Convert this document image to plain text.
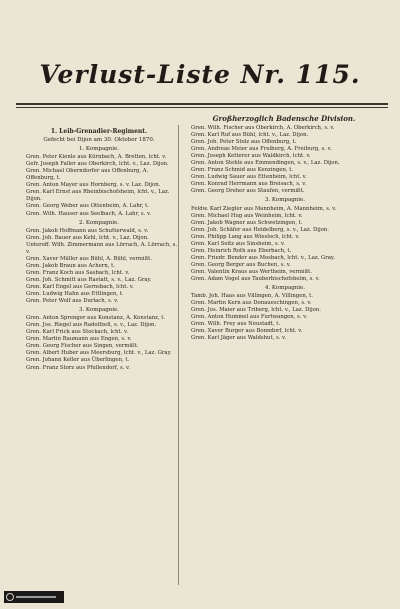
Verlust-Liste Nr. 115.
Großherzoglich Badensche Division.
1. Leib-Grenadier-Regiment.
Gefecht bei Dijon am 30. Oktober 1870.
1. Kompagnie.

Gren. Peter Kienle aus Kürnbach, A. Bretten, lcht. v.

Gefr. Joseph Faller aus Oberkirch, lcht. v., Laz. Dijon.

Gren. Michael Oberndorfer aus Offenburg, A. Offenburg, t.

Gren. Anton Mayer aus Hornberg, s. v. Laz. Dijon.

Gren. Karl Ernst aus Rheinbischofsheim, lcht. v., Laz. Dijon.

Gren. Georg Weber aus Ottenheim, A. Lahr, t.

Gren. Wilh. Hauser aus Seelbach, A. Lahr, s. v.

2. Kompagnie.

Gren. Jakob Hoffmann aus Schutterwald, s. v.

Gren. Joh. Bauer aus Kehl, lcht. v., Laz. Dijon.

Unteroff. Wilh. Zimmermann aus Lörrach, A. Lörrach, s. v.

Gren. Xaver Müller aus Bühl, A. Bühl, vermißt.

Gren. Jakob Braun aus Achern, t.

Gren. Franz Koch aus Sasbach, lcht. v.

Gren. Joh. Schmitt aus Rastatt, s. v., Laz. Gray.

Gren. Karl Engel aus Gernsbach, lcht. v.

Gren. Ludwig Hahn aus Ettlingen, t.

Gren. Peter Wolf aus Durlach, s. v.

3. Kompagnie.

Gren. Anton Sprenger aus Konstanz, A. Konstanz, t.

Gren. Jos. Riegel aus Radolfzell, s. v., Laz. Dijon.

Gren. Karl Frick aus Stockach, lcht. v.

Gren. Martin Baumann aus Engen, s. v.

Gren. Georg Fischer aus Singen, vermißt.

Gren. Albert Huber aus Meersburg, lcht. v., Laz. Gray.

Gren. Johann Keller aus Überlingen, t.

Gren. Franz Storz aus Pfullendorf, s. v.

Gren. Wilh. Fischer aus Oberkirch, A. Oberkirch, s. v.

Gren. Karl Ruf aus Bühl, lcht. v., Laz. Dijon.

Gren. Joh. Peter Stolz aus Offenburg, t.

Gren. Andreas Meier aus Freiburg, A. Freiburg, s. v.

Gren. Joseph Ketterer aus Waldkirch, lcht. v.

Gren. Anton Stehle aus Emmendingen, s. v., Laz. Dijon.

Gren. Franz Schmid aus Kenzingen, t.

Gren. Ludwig Sauer aus Ettenheim, lcht. v.

Gren. Konrad Herrmann aus Breisach, s. v.

Gren. Georg Dreher aus Staufen, vermißt.

3. Kompagnie.

Feldw. Karl Ziegler aus Mannheim, A. Mannheim, s. v.

Gren. Michael Hug aus Weinheim, lcht. v.

Gren. Jakob Wagner aus Schwetzingen, t.

Gren. Joh. Schäfer aus Heidelberg, s. v., Laz. Dijon.

Gren. Philipp Lang aus Wiesloch, lcht. v.

Gren. Karl Seitz aus Sinsheim, s. v.

Gren. Heinrich Roth aus Eberbach, t.

Gren. Friedr. Bender aus Mosbach, lcht. v., Laz. Gray.

Gren. Georg Berger aus Buchen, s. v.

Gren. Valentin Kraus aus Wertheim, vermißt.

Gren. Adam Vogel aus Tauberbischofsheim, s. v.

4. Kompagnie.

Tamb. Joh. Haas aus Villingen, A. Villingen, t.

Gren. Martin Kern aus Donaueschingen, s. v.

Gren. Jos. Maier aus Triberg, lcht. v., Laz. Dijon.

Gren. Anton Hummel aus Furtwangen, s. v.

Gren. Wilh. Frey aus Neustadt, t.

Gren. Xaver Burger aus Bonndorf, lcht. v.

Gren. Karl Jäger aus Waldshut, s. v.
